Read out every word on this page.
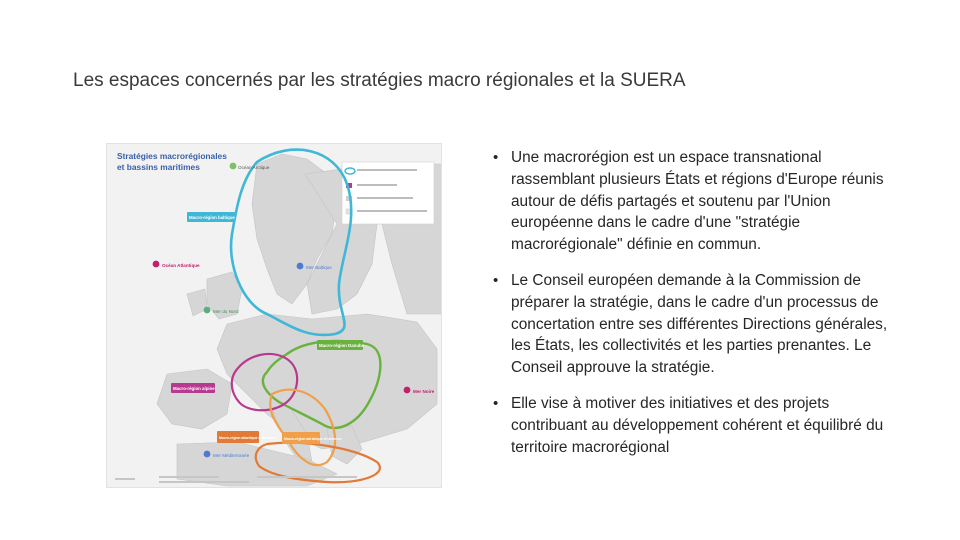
Les espaces concernés par les stratégies macro régionales et la SUERA
Stratégies macrorégionales
et bassins maritimes	Océan Arctique
Océan Atlantique	Mer Baltique
Mer du Nord
Mer Noire
Mer Méditerranée
Macro-région baltique
Macro-région Danube
Macro-région alpine
Macro-région adriatique et ionienne
Macro-région atlantique et ibérique
• Une macrorégion est un espace transnational rassemblant plusieurs États et régions d'Europe réunis autour de défis partagés et soutenu par l'Union européenne dans le cadre d'une "stratégie macrorégionale" définie en commun.
• Le Conseil européen demande à la Commission de préparer la stratégie, dans le cadre d'un processus de concertation entre ses différentes Directions générales, les États, les collectivités et les parties prenantes. Le Conseil approuve la stratégie.
• Elle vise à motiver des initiatives et des projets contribuant au développement cohérent et équilibré du territoire macrorégional
